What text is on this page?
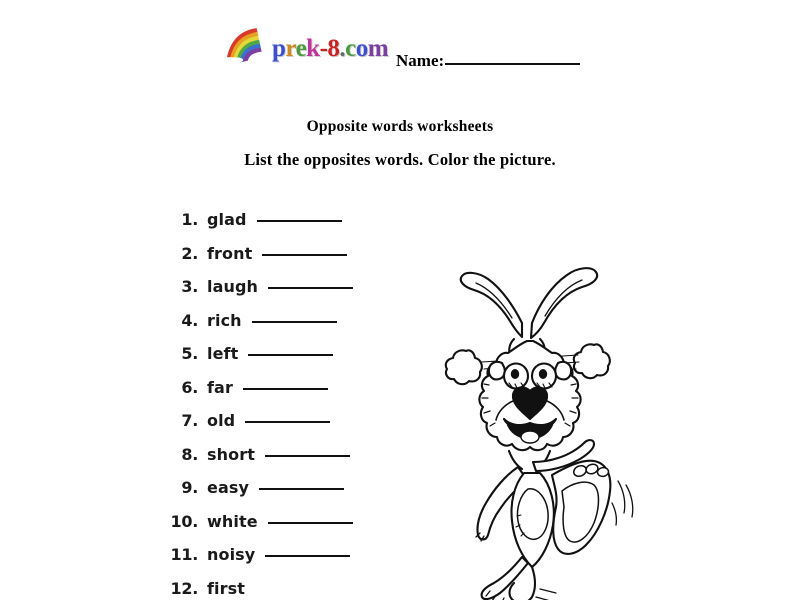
prek-8.com Name:
Opposite words worksheets
List the opposites words. Color the picture.
1. glad
2. front
3. laugh
4. rich
5. left
6. far
7. old
8. short
9. easy
10. white
11. noisy
12. first
